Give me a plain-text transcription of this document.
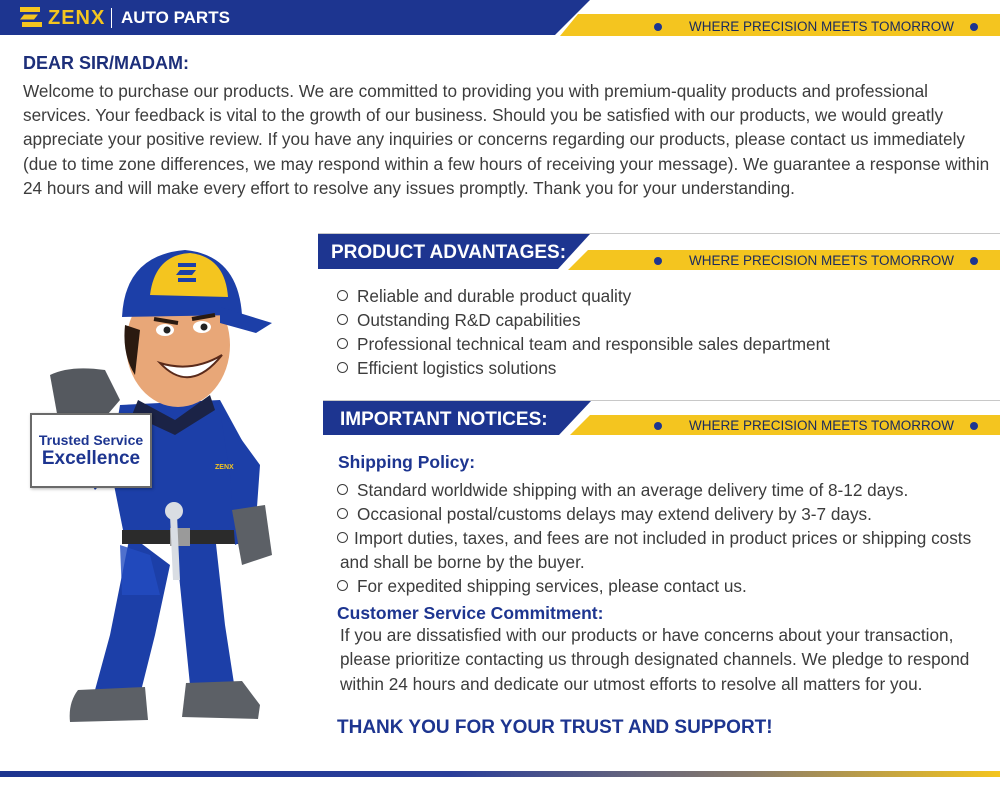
ZENX AUTO PARTS	WHERE PRECISION MEETS TOMORROW
DEAR SIR/MADAM:
Welcome to purchase our products. We are committed to providing you with premium-quality products and professional services. Your feedback is vital to the growth of our business. Should you be satisfied with our products, we would greatly appreciate your positive review. If you have any inquiries or concerns regarding our products, please contact us immediately (due to time zone differences, we may respond within a few hours of receiving your message). We guarantee a response within 24 hours and will make every effort to resolve any issues promptly. Thank you for your understanding.
ZENX
Trusted Service
Excellence
PRODUCT ADVANTAGES:	WHERE PRECISION MEETS TOMORROW
Reliable and durable product quality
Outstanding R&D capabilities
Professional technical team and responsible sales department
Efficient logistics solutions
IMPORTANT NOTICES:	WHERE PRECISION MEETS TOMORROW
Shipping Policy:
Standard worldwide shipping with an average delivery time of 8-12 days.
Occasional postal/customs delays may extend delivery by 3-7 days.
Import duties, taxes, and fees are not included in product prices or shipping costs
and shall be borne by the buyer.
For expedited shipping services, please contact us.
Customer Service Commitment:
If you are dissatisfied with our products or have concerns about your transaction,
please prioritize contacting us through designated channels. We pledge to respond
within 24 hours and dedicate our utmost efforts to resolve all matters for you.
THANK YOU FOR YOUR TRUST AND SUPPORT!
